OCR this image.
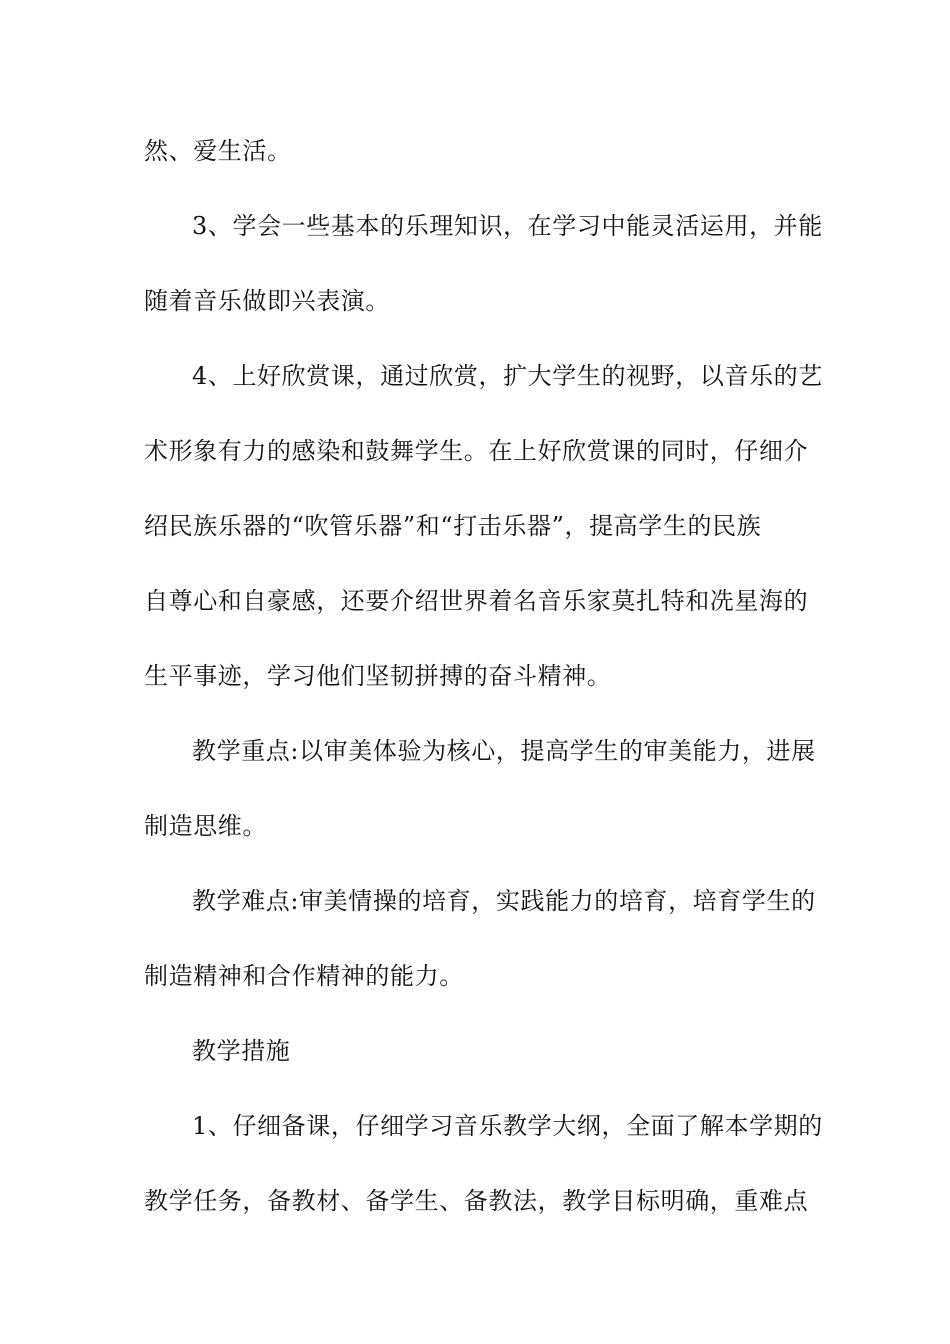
然、爱生活。
3、学会一些基本的乐理知识，在学习中能灵活运用，并能
随着音乐做即兴表演。
4、上好欣赏课，通过欣赏，扩大学生的视野，以音乐的艺
术形象有力的感染和鼓舞学生。在上好欣赏课的同时，仔细介
绍民族乐器的“吹管乐器”和“打击乐器”，提高学生的民族
自尊心和自豪感，还要介绍世界着名音乐家莫扎特和冼星海的
生平事迹，学习他们坚韧拼搏的奋斗精神。
教学重点:以审美体验为核心，提高学生的审美能力，进展
制造思维。
教学难点:审美情操的培育，实践能力的培育，培育学生的
制造精神和合作精神的能力。
教学措施
1、仔细备课，仔细学习音乐教学大纲，全面了解本学期的
教学任务，备教材、备学生、备教法，教学目标明确，重难点
